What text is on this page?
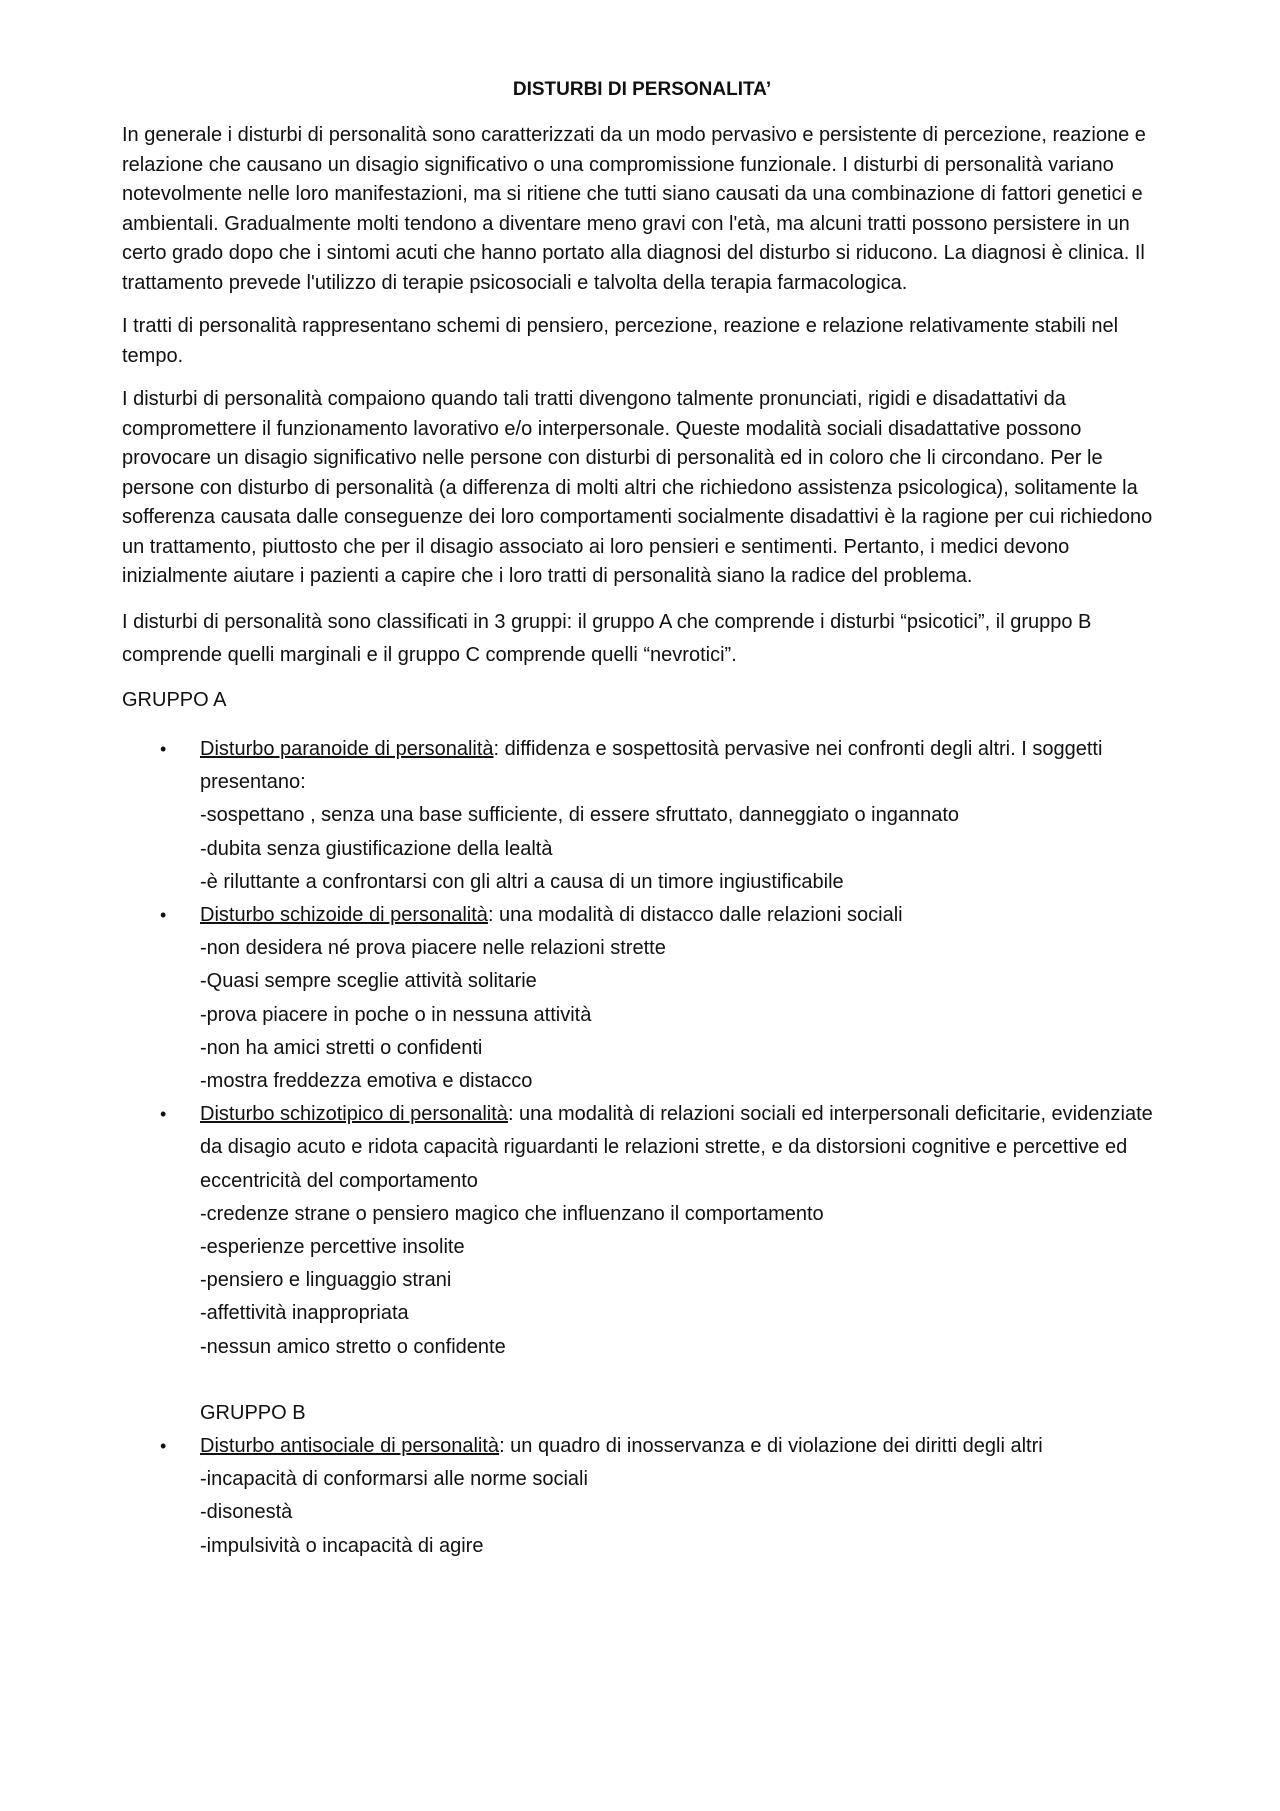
DISTURBI DI PERSONALITA’

In generale i disturbi di personalità sono caratterizzati da un modo pervasivo e persistente di percezione, reazione e relazione che causano un disagio significativo o una compromissione funzionale. I disturbi di personalità variano notevolmente nelle loro manifestazioni, ma si ritiene che tutti siano causati da una combinazione di fattori genetici e ambientali. Gradualmente molti tendono a diventare meno gravi con l'età, ma alcuni tratti possono persistere in un certo grado dopo che i sintomi acuti che hanno portato alla diagnosi del disturbo si riducono. La diagnosi è clinica. Il trattamento prevede l'utilizzo di terapie psicosociali e talvolta della terapia farmacologica.

I tratti di personalità rappresentano schemi di pensiero, percezione, reazione e relazione relativamente stabili nel tempo.

I disturbi di personalità compaiono quando tali tratti divengono talmente pronunciati, rigidi e disadattativi da compromettere il funzionamento lavorativo e/o interpersonale. Queste modalità sociali disadattative possono provocare un disagio significativo nelle persone con disturbi di personalità ed in coloro che li circondano. Per le persone con disturbo di personalità (a differenza di molti altri che richiedono assistenza psicologica), solitamente la sofferenza causata dalle conseguenze dei loro comportamenti socialmente disadattivi è la ragione per cui richiedono un trattamento, piuttosto che per il disagio associato ai loro pensieri e sentimenti. Pertanto, i medici devono inizialmente aiutare i pazienti a capire che i loro tratti di personalità siano la radice del problema.

I disturbi di personalità sono classificati in 3 gruppi: il gruppo A che comprende i disturbi “psicotici”, il gruppo B comprende quelli marginali e il gruppo C comprende quelli “nevrotici”.

GRUPPO A
• Disturbo paranoide di personalità: diffidenza e sospettosità pervasive nei confronti degli altri. I soggetti presentano:
-sospettano , senza una base sufficiente, di essere sfruttato, danneggiato o ingannato
-dubita senza giustificazione della lealtà
-è riluttante a confrontarsi con gli altri a causa di un timore ingiustificabile
• Disturbo schizoide di personalità: una modalità di distacco dalle relazioni sociali
-non desidera né prova piacere nelle relazioni strette
-Quasi sempre sceglie attività solitarie
-prova piacere in poche o in nessuna attività
-non ha amici stretti o confidenti
-mostra freddezza emotiva e distacco
• Disturbo schizotipico di personalità: una modalità di relazioni sociali ed interpersonali deficitarie, evidenziate da disagio acuto e ridota capacità riguardanti le relazioni strette, e da distorsioni cognitive e percettive ed eccentricità del comportamento
-credenze strane o pensiero magico che influenzano il comportamento
-esperienze percettive insolite
-pensiero e linguaggio strani
-affettività inappropriata
-nessun amico stretto o confidente
GRUPPO B
• Disturbo antisociale di personalità: un quadro di inosservanza e di violazione dei diritti degli altri
-incapacità di conformarsi alle norme sociali
-disonestà
-impulsività o incapacità di agire
